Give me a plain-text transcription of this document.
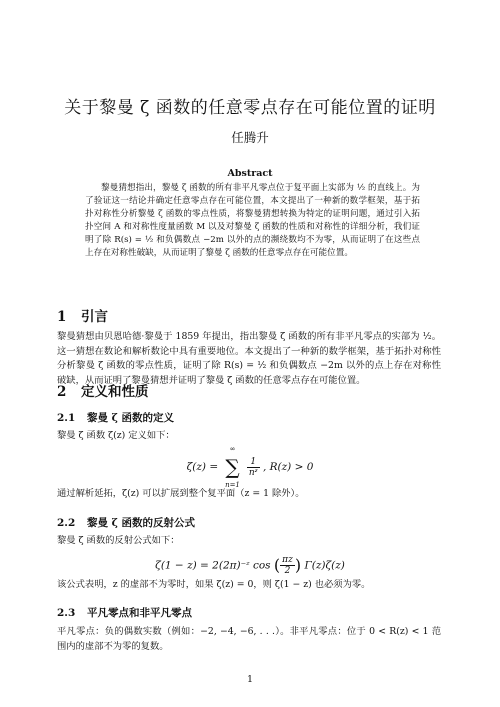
关于黎曼 ζ 函数的任意零点存在可能位置的证明
任腾升
Abstract
黎曼猜想指出，黎曼 ζ 函数的所有非平凡零点位于复平面上实部为 ½ 的直线上。为了验证这一结论并确定任意零点存在可能位置，本文提出了一种新的数学框架，基于拓扑对称性分析黎曼 ζ 函数的零点性质，将黎曼猜想转换为特定的证明问题，通过引入拓扑空间 A 和对称性度量函数 M 以及对黎曼 ζ 函数的性质和对称性的详细分析，我们证明了除 R(s) = ½ 和负偶数点 −2m 以外的点的濒绕数均不为零，从而证明了在这些点上存在对称性破缺，从而证明了黎曼 ζ 函数的任意零点存在可能位置。
1 引言
黎曼猜想由贝恩哈德·黎曼于 1859 年提出，指出黎曼 ζ 函数的所有非平凡零点的实部为 ½。这一猜想在数论和解析数论中具有重要地位。本文提出了一种新的数学框架，基于拓扑对称性分析黎曼 ζ 函数的零点性质，证明了除 R(s) = ½ 和负偶数点 −2m 以外的点上存在对称性破缺，从而证明了黎曼猜想并证明了黎曼 ζ 函数的任意零点存在可能位置。
2 定义和性质
2.1 黎曼 ζ 函数的定义
黎曼 ζ 函数 ζ(z) 定义如下：
ζ(z) =
∞
∑
n=1

$\frac{1}{\text{nᶻ}}$ , R(z) > 0
通过解析延拓，ζ(z) 可以扩展到整个复平面（z = 1 除外）。
2.2 黎曼 ζ 函数的反射公式
黎曼 ζ 函数的反射公式如下：
ζ(1 − z) = 2(2π)⁻ᶻ cos ( $\frac{\pi z}{2}$ ) Γ(z)ζ(z)
该公式表明，z 的虚部不为零时，如果 ζ(z) = 0，则 ζ(1 − z) 也必须为零。
2.3 平凡零点和非平凡零点
平凡零点：负的偶数实数（例如：−2, −4, −6, . . .）。非平凡零点：位于 0 < R(z) < 1 范围内的虚部不为零的复数。
1
